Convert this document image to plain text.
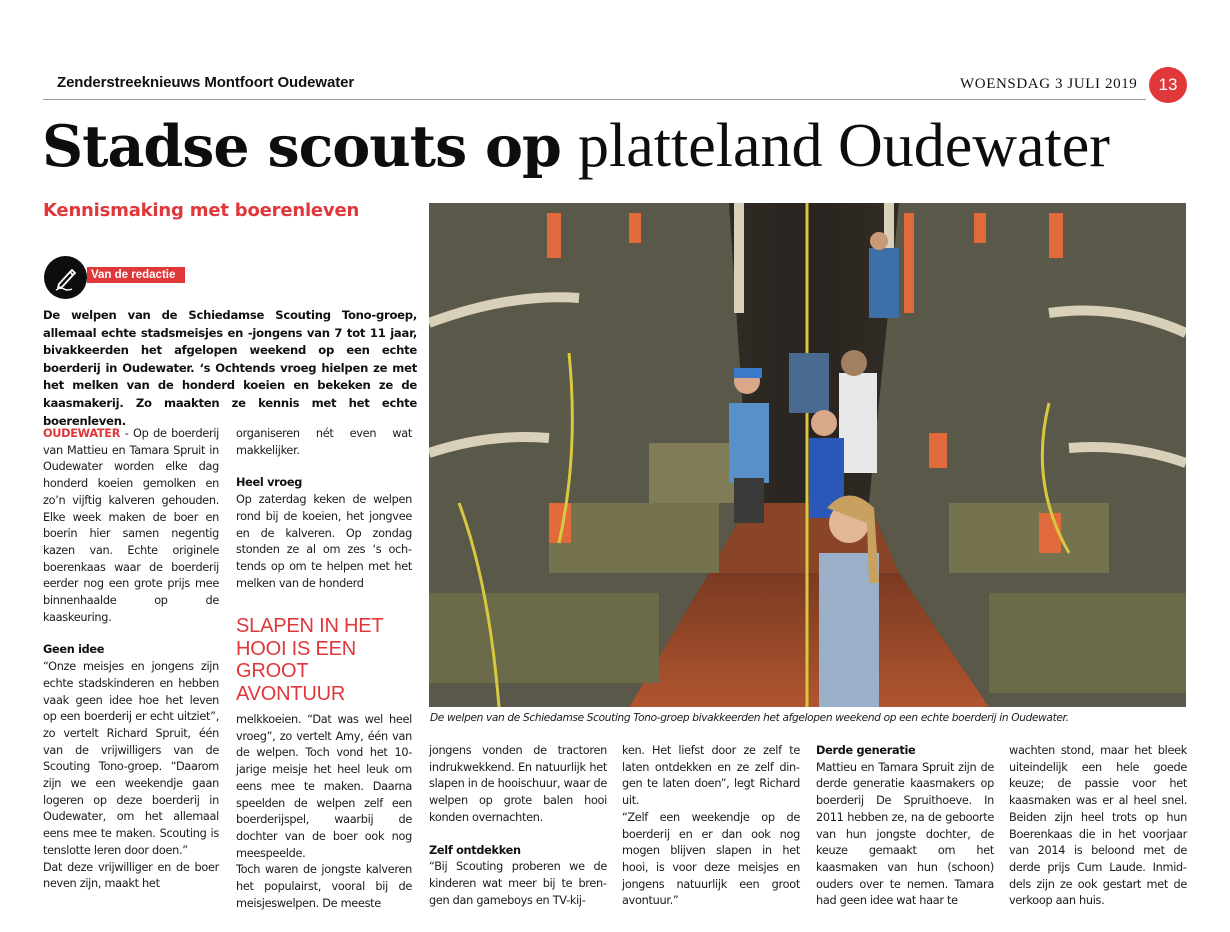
Zenderstreeknieuws Montfoort Oudewater	WOENSDAG 3 JULI 2019	13
Stadse scouts op platteland Oudewater
Kennismaking met boerenleven
Van de redactie
De welpen van de Schiedamse Scouting Tono-groep, allemaal echte stadsmeisjes en -jongens van 7 tot 11 jaar, bivakkeerden het afgelopen weekend op een echte boerderij in Oudewater. ‘s Ochtends vroeg hielpen ze met het melken van de honderd koeien en bekeken ze de kaasmakerij. Zo maakten ze kennis met het echte boerenleven.

OUDEWATER - Op de boerderij van Mattieu en Tamara Spruit in Oudewater worden elke dag honderd koeien gemolken en zo’n vijftig kalveren gehouden. Elke week maken de boer en boerin hier samen negentig kazen van. Echte originele boerenkaas waar de boerderij eerder nog een grote prijs mee binnenhaalde op de kaaskeuring.

Geen idee

“Onze meisjes en jongens zijn echte stadskinderen en hebben vaak geen idee hoe het leven op een boerderij er echt uitziet”, zo vertelt Richard Spruit, één van de vrijwilligers van de Scouting Tono-groep. “Daarom zijn we een weekendje gaan logeren op deze boerderij in Oudewater, om het allemaal eens mee te maken. Scouting is tenslotte leren door doen.”

Dat deze vrijwilliger en de boer neven zijn, maakt het

organiseren nét even wat makkelijker.

Heel vroeg

Op zaterdag keken de welpen rond bij de koeien, het jongvee en de kalveren. Op zondag stonden ze al om zes ‘s ochtends op om te helpen met het melken van de honderd

SLAPEN IN HET HOOI IS EEN GROOT AVONTUUR

melkkoeien. “Dat was wel heel vroeg”, zo vertelt Amy, één van de welpen. Toch vond het 10-jarige meisje het heel leuk om eens mee te maken. Daarna speelden de welpen zelf een boerderijspel, waarbij de dochter van de boer ook nog meespeelde.

Toch waren de jongste kalveren het populairst, vooral bij de meisjeswelpen. De meeste

De welpen van de Schiedamse Scouting Tono-groep bivakkeerden het afgelopen weekend op een echte boerderij in Oudewater.

jongens vonden de tractoren indrukwekkend. En natuurlijk het slapen in de hooischuur, waar de welpen op grote balen hooi konden overnachten.

Zelf ontdekken

“Bij Scouting proberen we de kinderen wat meer bij te brengen dan gameboys en TV-kij-

ken. Het liefst door ze zelf te laten ontdekken en ze zelf dingen te laten doen”, legt Richard uit.

“Zelf een weekendje op de boerderij en er dan ook nog mogen blijven slapen in het hooi, is voor deze meisjes en jongens natuurlijk een groot avontuur.”

Derde generatie

Mattieu en Tamara Spruit zijn de derde generatie kaasmakers op boerderij De Spruithoeve. In 2011 hebben ze, na de geboorte van hun jongste dochter, de keuze gemaakt om het kaasmaken van hun (schoon) ouders over te nemen. Tamara had geen idee wat haar te

wachten stond, maar het bleek uiteindelijk een hele goede keuze; de passie voor het kaasmaken was er al heel snel. Beiden zijn heel trots op hun Boerenkaas die in het voorjaar van 2014 is beloond met de derde prijs Cum Laude. Inmiddels zijn ze ook gestart met de verkoop aan huis.
